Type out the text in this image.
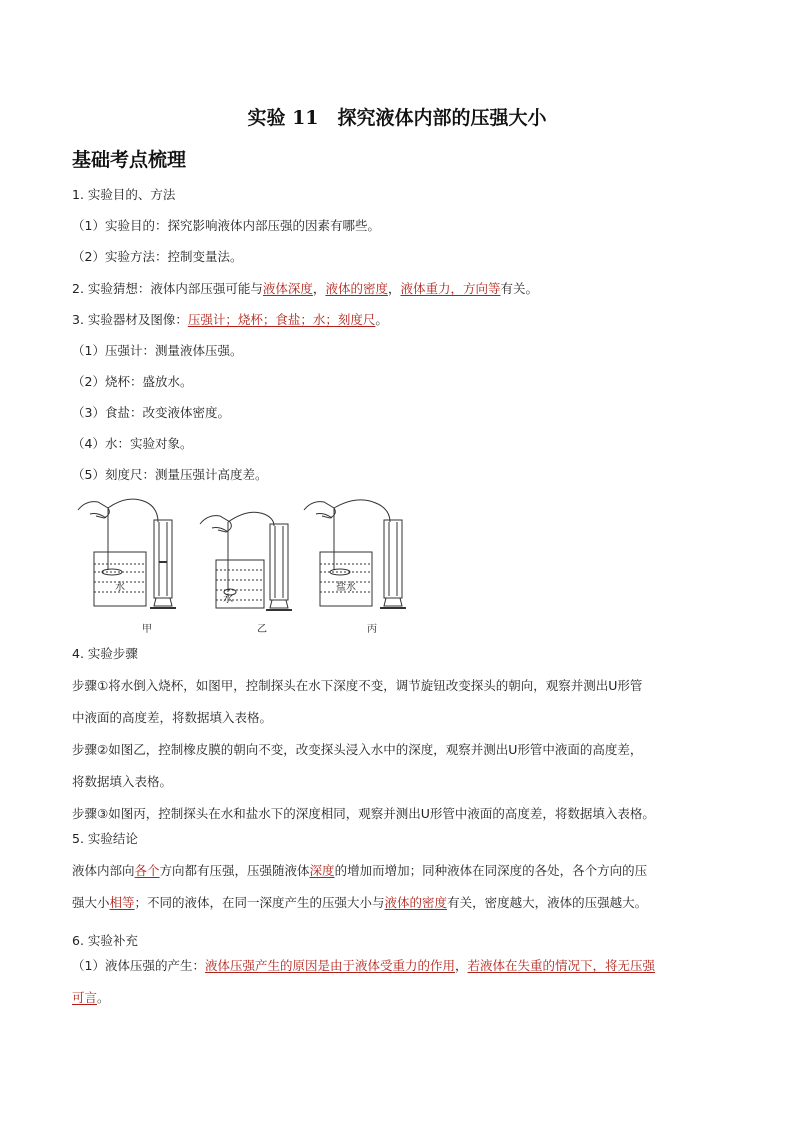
实验 11　探究液体内部的压强大小
基础考点梳理
1. 实验目的、方法
（1）实验目的：探究影响液体内部压强的因素有哪些。
（2）实验方法：控制变量法。
2. 实验猜想：液体内部压强可能与液体深度，液体的密度，液体重力，方向等有关。
3. 实验器材及图像：压强计；烧杯；食盐；水；刻度尺。
（1）压强计：测量液体压强。
（2）烧杯：盛放水。
（3）食盐：改变液体密度。
（4）水：实验对象。
（5）刻度尺：测量压强计高度差。
水
水
盐水
甲	乙	丙
4. 实验步骤
步骤①将水倒入烧杯，如图甲，控制探头在水下深度不变，调节旋钮改变探头的朝向，观察并测出U形管
中液面的高度差，将数据填入表格。
步骤②如图乙，控制橡皮膜的朝向不变，改变探头浸入水中的深度，观察并测出U形管中液面的高度差，
将数据填入表格。
步骤③如图丙，控制探头在水和盐水下的深度相同，观察并测出U形管中液面的高度差，将数据填入表格。
5. 实验结论
液体内部向各个方向都有压强，压强随液体深度的增加而增加；同种液体在同深度的各处，各个方向的压
强大小相等；不同的液体，在同一深度产生的压强大小与液体的密度有关，密度越大，液体的压强越大。
6. 实验补充
（1）液体压强的产生：液体压强产生的原因是由于液体受重力的作用，若液体在失重的情况下，将无压强
可言。
